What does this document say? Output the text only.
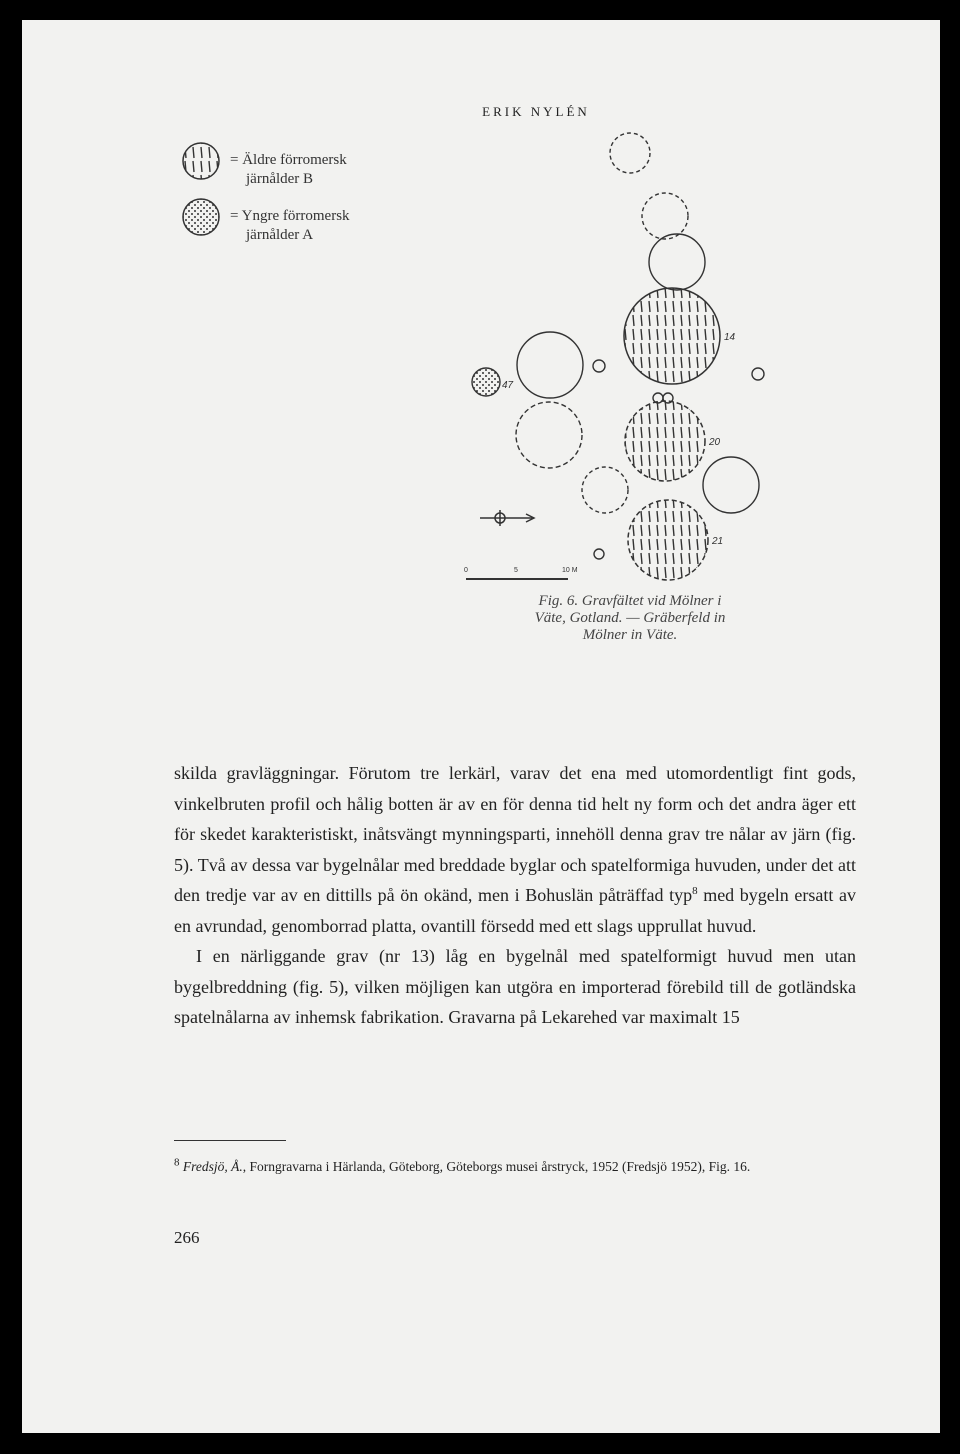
ERIK NYLÉN
47
14
20
21
0	5	10 M
= Äldre förromersk
järnålder B
= Yngre förromersk
järnålder A
Fig. 6. Gravfältet vid Mölner i
Väte, Gotland. — Gräberfeld in
Mölner in Väte.

skilda gravläggningar. Förutom tre lerkärl, varav det ena med utomordentligt fint gods, vinkelbruten profil och hålig botten är av en för denna tid helt ny form och det andra äger ett för skedet karakteristiskt, inåtsvängt mynningsparti, innehöll denna grav tre nålar av järn (fig. 5). Två av dessa var bygelnålar med breddade byglar och spatelformiga huvuden, under det att den tredje var av en dittills på ön okänd, men i Bohuslän påträffad typ$^8$ med bygeln ersatt av en avrundad, genomborrad platta, ovantill försedd med ett slags upprullat huvud.

I en närliggande grav (nr 13) låg en bygelnål med spatelformigt huvud men utan bygelbreddning (fig. 5), vilken möjligen kan utgöra en importerad förebild till de gotländska spatelnålarna av inhemsk fabrikation. Gravarna på Lekarehed var maximalt 15

$^8$ Fredsjö, Å., Forngravarna i Härlanda, Göteborg, Göteborgs musei årstryck, 1952 (Fredsjö 1952), Fig. 16.
266
